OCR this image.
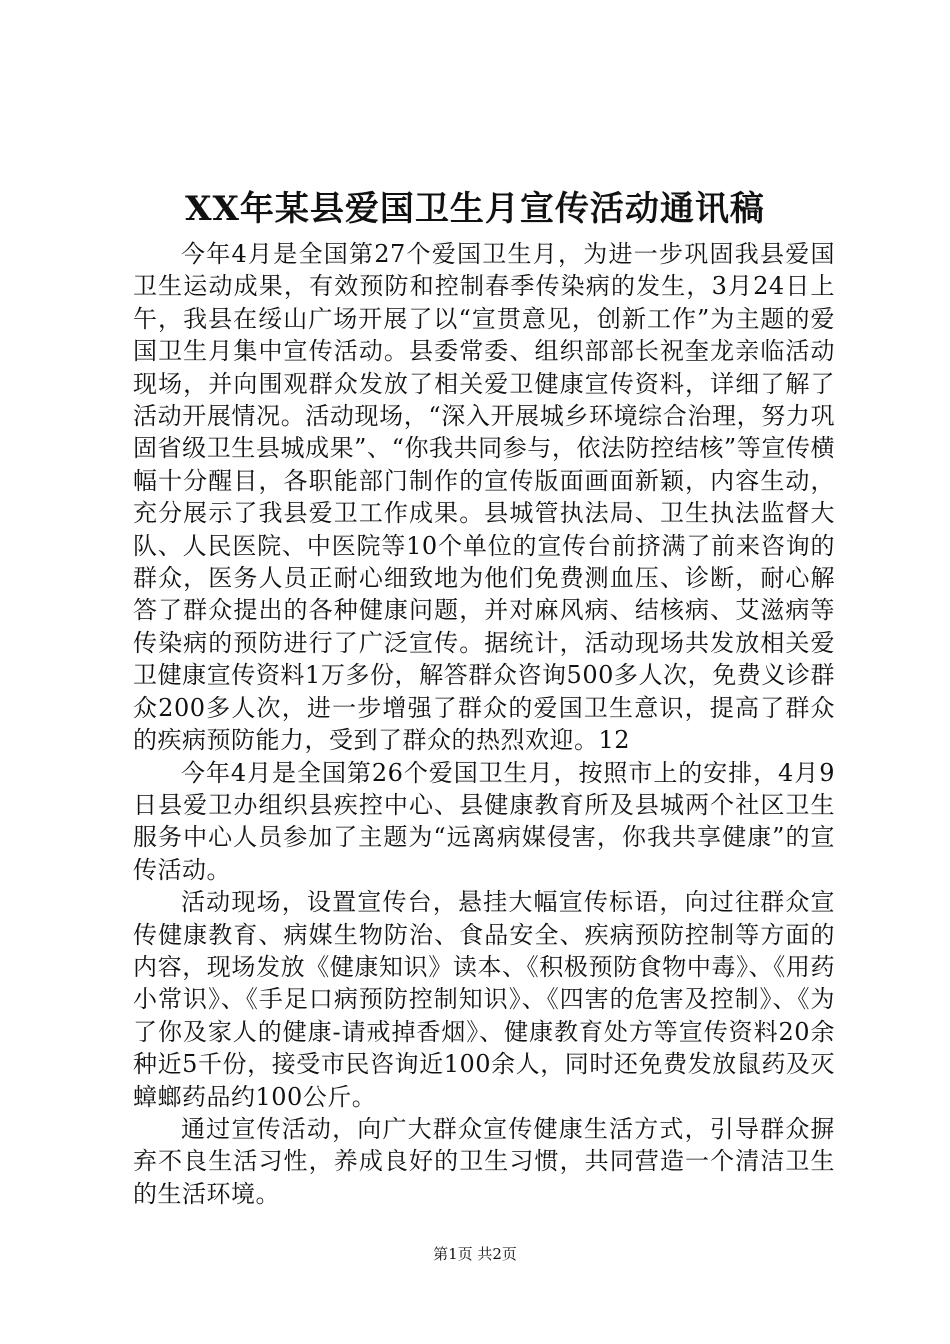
XX年某县爱国卫生月宣传活动通讯稿

今年4月是全国第27个爱国卫生月，为进一步巩固我县爱国卫生运动成果，有效预防和控制春季传染病的发生，3月24日上午，我县在绥山广场开展了以“宣贯意见，创新工作”为主题的爱国卫生月集中宣传活动。县委常委、组织部部长祝奎龙亲临活动现场，并向围观群众发放了相关爱卫健康宣传资料，详细了解了活动开展情况。活动现场，“深入开展城乡环境综合治理，努力巩固省级卫生县城成果”、“你我共同参与，依法防控结核”等宣传横幅十分醒目，各职能部门制作的宣传版面画面新颖，内容生动，充分展示了我县爱卫工作成果。县城管执法局、卫生执法监督大队、人民医院、中医院等10个单位的宣传台前挤满了前来咨询的群众，医务人员正耐心细致地为他们免费测血压、诊断，耐心解答了群众提出的各种健康问题，并对麻风病、结核病、艾滋病等传染病的预防进行了广泛宣传。据统计，活动现场共发放相关爱卫健康宣传资料1万多份，解答群众咨询500多人次，免费义诊群众200多人次，进一步增强了群众的爱国卫生意识，提高了群众的疾病预防能力，受到了群众的热烈欢迎。12

今年4月是全国第26个爱国卫生月，按照市上的安排，4月9日县爱卫办组织县疾控中心、县健康教育所及县城两个社区卫生服务中心人员参加了主题为“远离病媒侵害，你我共享健康”的宣传活动。

活动现场，设置宣传台，悬挂大幅宣传标语，向过往群众宣传健康教育、病媒生物防治、食品安全、疾病预防控制等方面的内容，现场发放《健康知识》读本、《积极预防食物中毒》、《用药小常识》、《手足口病预防控制知识》、《四害的危害及控制》、《为了你及家人的健康-请戒掉香烟》、健康教育处方等宣传资料20余种近5千份，接受市民咨询近100余人，同时还免费发放鼠药及灭蟑螂药品约100公斤。

通过宣传活动，向广大群众宣传健康生活方式，引导群众摒弃不良生活习性，养成良好的卫生习惯，共同营造一个清洁卫生的生活环境。

第1页 共2页
